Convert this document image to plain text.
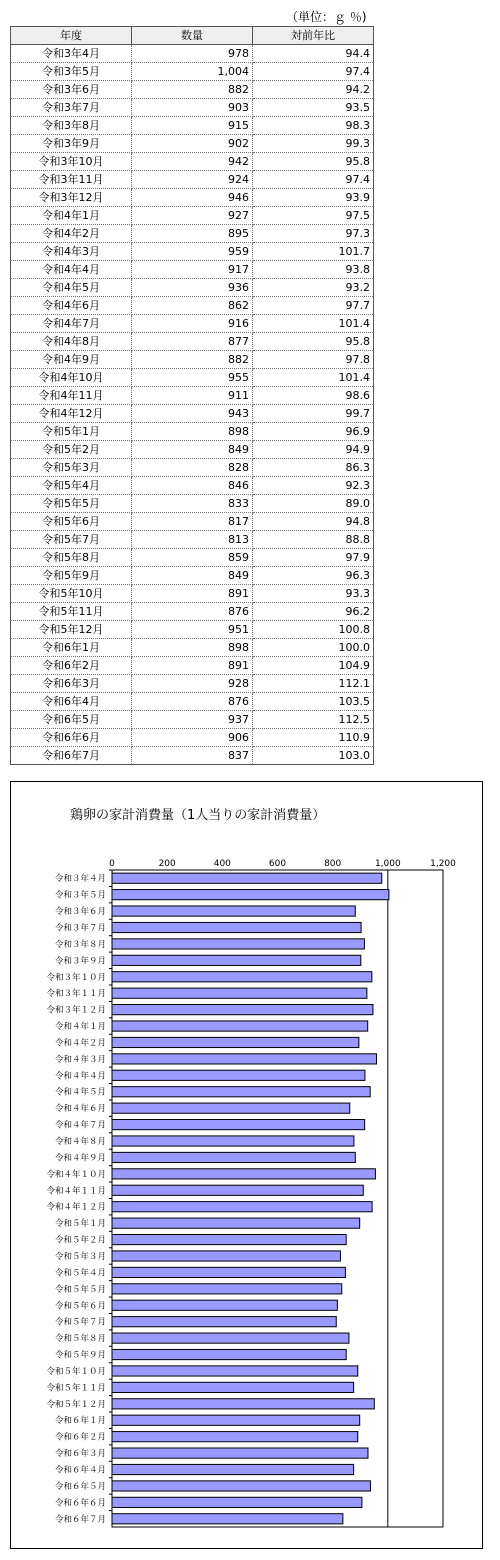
（単位：ｇ ％)
年度	数量	対前年比
令和3年4月	978	94.4
令和3年5月	1,004	97.4
令和3年6月	882	94.2
令和3年7月	903	93.5
令和3年8月	915	98.3
令和3年9月	902	99.3
令和3年10月	942	95.8
令和3年11月	924	97.4
令和3年12月	946	93.9
令和4年1月	927	97.5
令和4年2月	895	97.3
令和4年3月	959	101.7
令和4年4月	917	93.8
令和4年5月	936	93.2
令和4年6月	862	97.7
令和4年7月	916	101.4
令和4年8月	877	95.8
令和4年9月	882	97.8
令和4年10月	955	101.4
令和4年11月	911	98.6
令和4年12月	943	99.7
令和5年1月	898	96.9
令和5年2月	849	94.9
令和5年3月	828	86.3
令和5年4月	846	92.3
令和5年5月	833	89.0
令和5年6月	817	94.8
令和5年7月	813	88.8
令和5年8月	859	97.9
令和5年9月	849	96.3
令和5年10月	891	93.3
令和5年11月	876	96.2
令和5年12月	951	100.8
令和6年1月	898	100.0
令和6年2月	891	104.9
令和6年3月	928	112.1
令和6年4月	876	103.5
令和6年5月	937	112.5
令和6年6月	906	110.9
令和6年7月	837	103.0
鶏卵の家計消費量（1人当りの家計消費量）
0	200	400	600	800	1,000	1,200
令和３年４月
令和３年５月
令和３年６月
令和３年７月
令和３年８月
令和３年９月
令和３年１０月
令和３年１１月
令和３年１２月
令和４年１月
令和４年２月
令和４年３月
令和４年４月
令和４年５月
令和４年６月
令和４年７月
令和４年８月
令和４年９月
令和４年１０月
令和４年１１月
令和４年１２月
令和５年１月
令和５年２月
令和５年３月
令和５年４月
令和５年５月
令和５年６月
令和５年７月
令和５年８月
令和５年９月
令和５年１０月
令和５年１１月
令和５年１２月
令和６年１月
令和６年２月
令和６年３月
令和６年４月
令和６年５月
令和６年６月
令和６年７月
